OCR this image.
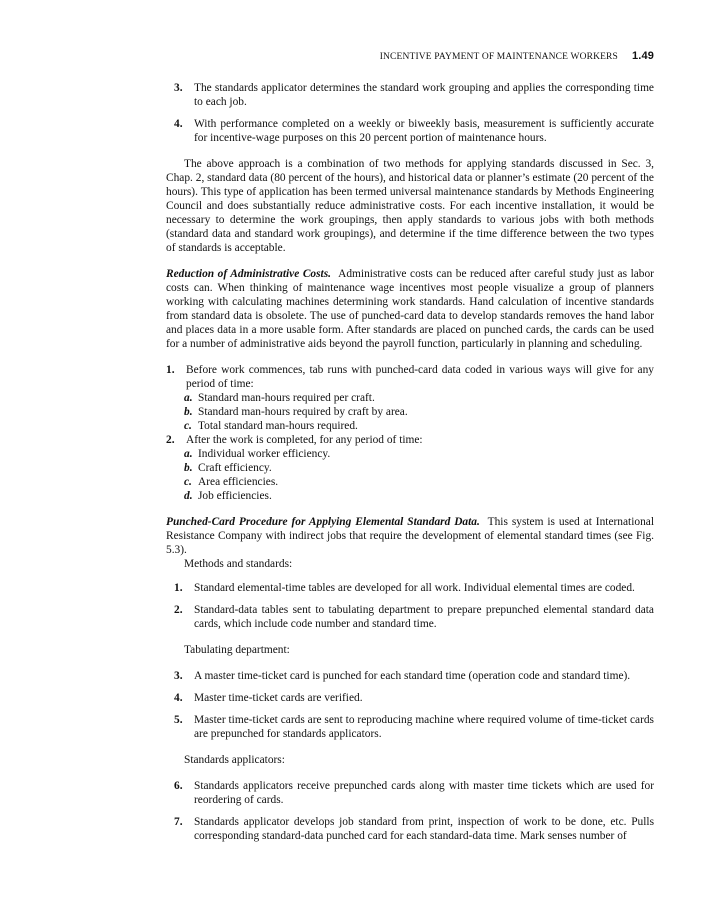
INCENTIVE PAYMENT OF MAINTENANCE WORKERS 1.49
3.	The standards applicator determines the standard work grouping and applies the corresponding time to each job.
4.	With performance completed on a weekly or biweekly basis, measurement is sufficiently accurate for incentive-wage purposes on this 20 percent portion of maintenance hours.

The above approach is a combination of two methods for applying standards discussed in Sec. 3, Chap. 2, standard data (80 percent of the hours), and historical data or planner’s estimate (20 percent of the hours). This type of application has been termed universal maintenance standards by Methods Engineering Council and does substantially reduce administrative costs. For each incentive installation, it would be necessary to determine the work groupings, then apply standards to various jobs with both methods (standard data and standard work groupings), and determine if the time difference between the two types of standards is acceptable.

Reduction of Administrative Costs. Administrative costs can be reduced after careful study just as labor costs can. When thinking of maintenance wage incentives most people visualize a group of planners working with calculating machines determining work standards. Hand calculation of incentive standards from standard data is obsolete. The use of punched-card data to develop standards removes the hand labor and places data in a more usable form. After standards are placed on punched cards, the cards can be used for a number of administrative aids beyond the payroll function, particularly in planning and scheduling.

1.	Before work commences, tab runs with punched-card data coded in various ways will give for any period of time:
a. Standard man-hours required per craft.
b. Standard man-hours required by craft by area.
c. Total standard man-hours required.
2.	After the work is completed, for any period of time:
a. Individual worker efficiency.
b. Craft efficiency.
c. Area efficiencies.
d. Job efficiencies.

Punched-Card Procedure for Applying Elemental Standard Data. This system is used at International Resistance Company with indirect jobs that require the development of elemental standard times (see Fig. 5.3).

Methods and standards:

1.	Standard elemental-time tables are developed for all work. Individual elemental times are coded.
2.	Standard-data tables sent to tabulating department to prepare prepunched elemental standard data cards, which include code number and standard time.

Tabulating department:

3.	A master time-ticket card is punched for each standard time (operation code and standard time).
4.	Master time-ticket cards are verified.
5.	Master time-ticket cards are sent to reproducing machine where required volume of time-ticket cards are prepunched for standards applicators.

Standards applicators:

6.	Standards applicators receive prepunched cards along with master time tickets which are used for reordering of cards.
7.	Standards applicator develops job standard from print, inspection of work to be done, etc. Pulls corresponding standard-data punched card for each standard-data time. Mark senses number of
